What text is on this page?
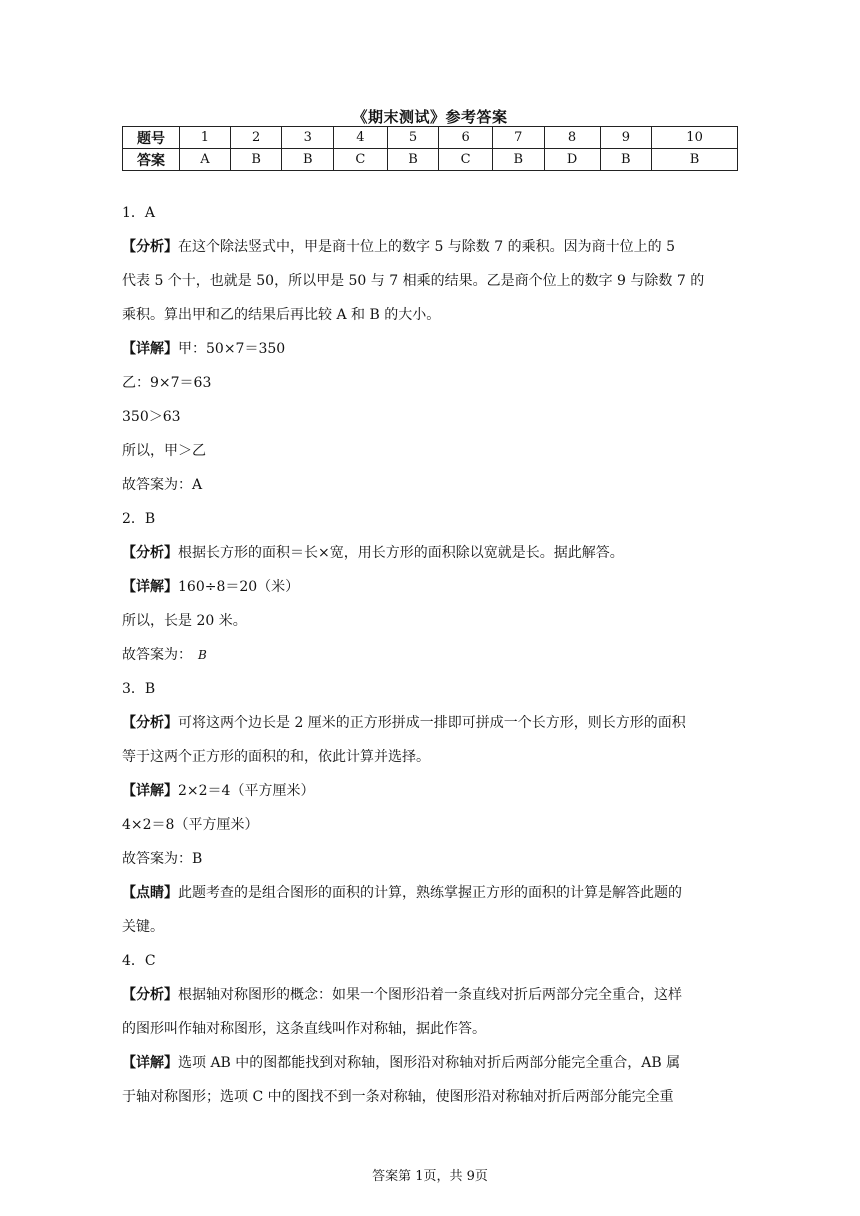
《期末测试》参考答案
题号	1	2	3	4	5	6	7	8	9	10
答案	A	B	B	C	B	C	B	D	B	B

1．A

【分析】在这个除法竖式中，甲是商十位上的数字 5 与除数 7 的乘积。因为商十位上的 5

代表 5 个十，也就是 50，所以甲是 50 与 7 相乘的结果。乙是商个位上的数字 9 与除数 7 的

乘积。算出甲和乙的结果后再比较 A 和 B 的大小。

【详解】甲：50×7＝350

乙：9×7＝63

350＞63

所以，甲＞乙

故答案为：A

2．B

【分析】根据长方形的面积＝长×宽，用长方形的面积除以宽就是长。据此解答。

【详解】160÷8＝20（米）

所以，长是 20 米。

故答案为： B

3．B

【分析】可将这两个边长是 2 厘米的正方形拼成一排即可拼成一个长方形，则长方形的面积

等于这两个正方形的面积的和，依此计算并选择。

【详解】2×2＝4（平方厘米）

4×2＝8（平方厘米）

故答案为：B

【点睛】此题考查的是组合图形的面积的计算，熟练掌握正方形的面积的计算是解答此题的

关键。

4．C

【分析】根据轴对称图形的概念：如果一个图形沿着一条直线对折后两部分完全重合，这样

的图形叫作轴对称图形，这条直线叫作对称轴，据此作答。

【详解】选项 AB 中的图都能找到对称轴，图形沿对称轴对折后两部分能完全重合，AB 属

于轴对称图形；选项 C 中的图找不到一条对称轴，使图形沿对称轴对折后两部分能完全重

答案第 1页，共 9页
